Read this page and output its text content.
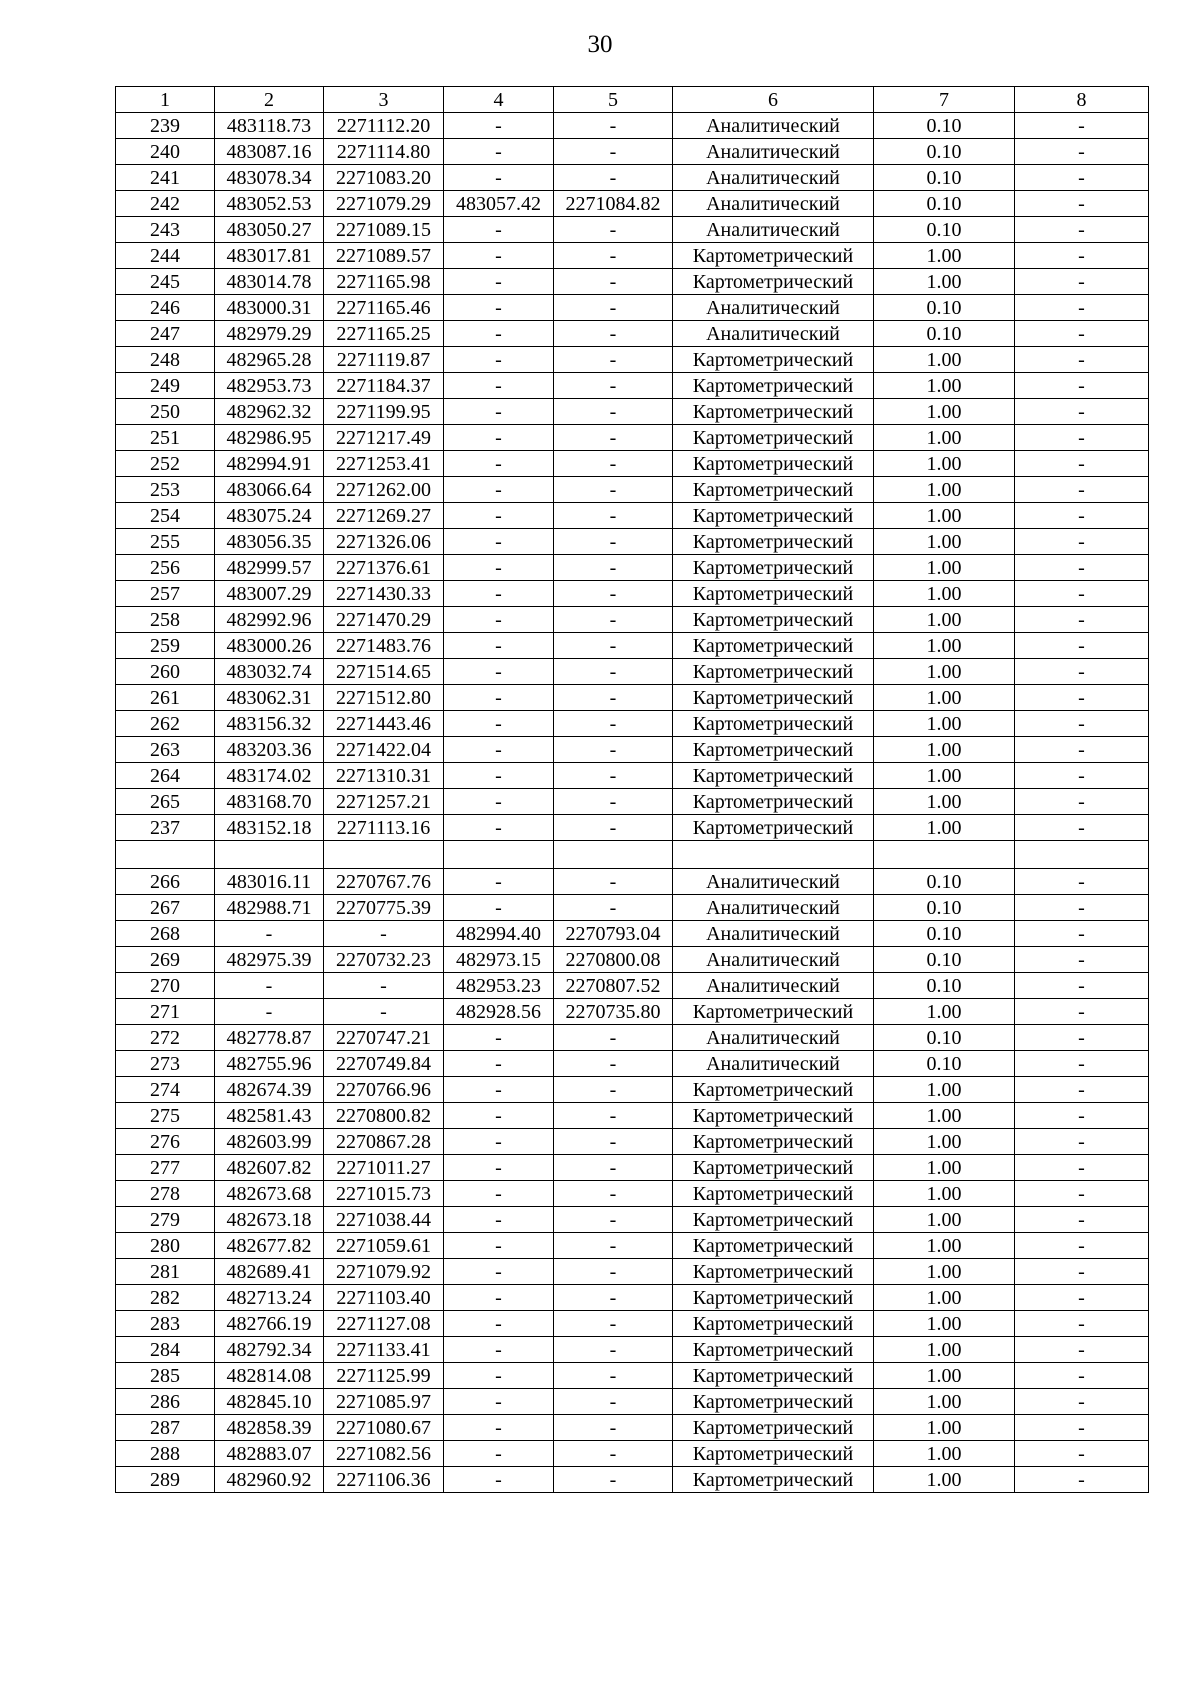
30
1	2	3	4	5	6	7	8
239	483118.73	2271112.20	-	-	Аналитический	0.10	-
240	483087.16	2271114.80	-	-	Аналитический	0.10	-
241	483078.34	2271083.20	-	-	Аналитический	0.10	-
242	483052.53	2271079.29	483057.42	2271084.82	Аналитический	0.10	-
243	483050.27	2271089.15	-	-	Аналитический	0.10	-
244	483017.81	2271089.57	-	-	Картометрический	1.00	-
245	483014.78	2271165.98	-	-	Картометрический	1.00	-
246	483000.31	2271165.46	-	-	Аналитический	0.10	-
247	482979.29	2271165.25	-	-	Аналитический	0.10	-
248	482965.28	2271119.87	-	-	Картометрический	1.00	-
249	482953.73	2271184.37	-	-	Картометрический	1.00	-
250	482962.32	2271199.95	-	-	Картометрический	1.00	-
251	482986.95	2271217.49	-	-	Картометрический	1.00	-
252	482994.91	2271253.41	-	-	Картометрический	1.00	-
253	483066.64	2271262.00	-	-	Картометрический	1.00	-
254	483075.24	2271269.27	-	-	Картометрический	1.00	-
255	483056.35	2271326.06	-	-	Картометрический	1.00	-
256	482999.57	2271376.61	-	-	Картометрический	1.00	-
257	483007.29	2271430.33	-	-	Картометрический	1.00	-
258	482992.96	2271470.29	-	-	Картометрический	1.00	-
259	483000.26	2271483.76	-	-	Картометрический	1.00	-
260	483032.74	2271514.65	-	-	Картометрический	1.00	-
261	483062.31	2271512.80	-	-	Картометрический	1.00	-
262	483156.32	2271443.46	-	-	Картометрический	1.00	-
263	483203.36	2271422.04	-	-	Картометрический	1.00	-
264	483174.02	2271310.31	-	-	Картометрический	1.00	-
265	483168.70	2271257.21	-	-	Картометрический	1.00	-
237	483152.18	2271113.16	-	-	Картометрический	1.00	-

266	483016.11	2270767.76	-	-	Аналитический	0.10	-
267	482988.71	2270775.39	-	-	Аналитический	0.10	-
268	-	-	482994.40	2270793.04	Аналитический	0.10	-
269	482975.39	2270732.23	482973.15	2270800.08	Аналитический	0.10	-
270	-	-	482953.23	2270807.52	Аналитический	0.10	-
271	-	-	482928.56	2270735.80	Картометрический	1.00	-
272	482778.87	2270747.21	-	-	Аналитический	0.10	-
273	482755.96	2270749.84	-	-	Аналитический	0.10	-
274	482674.39	2270766.96	-	-	Картометрический	1.00	-
275	482581.43	2270800.82	-	-	Картометрический	1.00	-
276	482603.99	2270867.28	-	-	Картометрический	1.00	-
277	482607.82	2271011.27	-	-	Картометрический	1.00	-
278	482673.68	2271015.73	-	-	Картометрический	1.00	-
279	482673.18	2271038.44	-	-	Картометрический	1.00	-
280	482677.82	2271059.61	-	-	Картометрический	1.00	-
281	482689.41	2271079.92	-	-	Картометрический	1.00	-
282	482713.24	2271103.40	-	-	Картометрический	1.00	-
283	482766.19	2271127.08	-	-	Картометрический	1.00	-
284	482792.34	2271133.41	-	-	Картометрический	1.00	-
285	482814.08	2271125.99	-	-	Картометрический	1.00	-
286	482845.10	2271085.97	-	-	Картометрический	1.00	-
287	482858.39	2271080.67	-	-	Картометрический	1.00	-
288	482883.07	2271082.56	-	-	Картометрический	1.00	-
289	482960.92	2271106.36	-	-	Картометрический	1.00	-
